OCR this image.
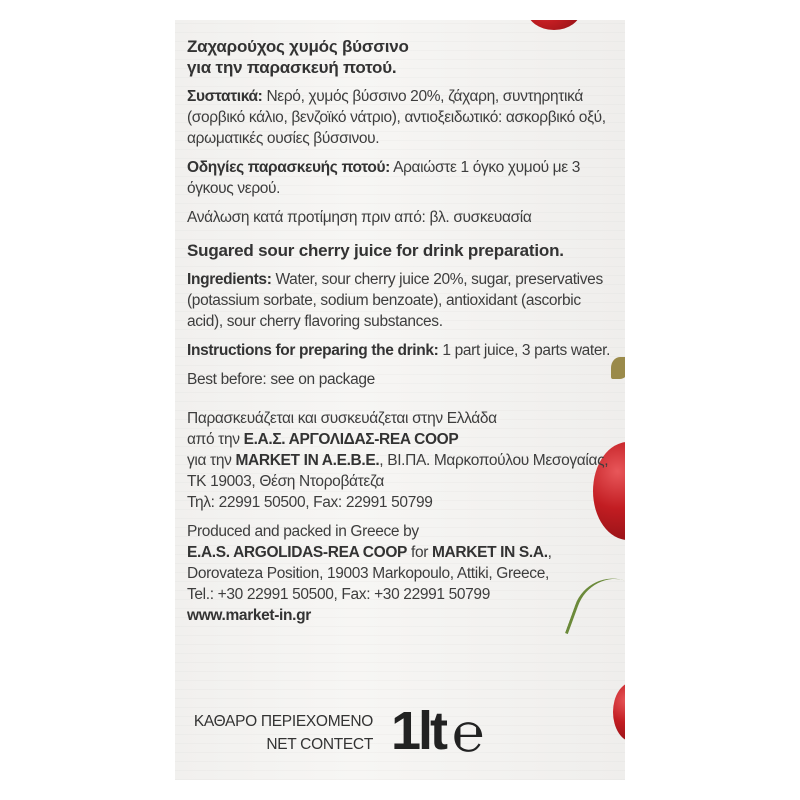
Ζαχαρούχος χυμός βύσσινο
για την παρασκευή ποτού.
Συστατικά: Νερό, χυμός βύσσινο 20%, ζάχαρη, συντηρητικά (σορβικό κάλιο, βενζοϊκό νάτριο), αντιοξειδωτικό: ασκορβικό οξύ, αρωματικές ουσίες βύσσινου.
Οδηγίες παρασκευής ποτού: Αραιώστε 1 όγκο χυμού με 3 όγκους νερού.
Ανάλωση κατά προτίμηση πριν από: βλ. συσκευασία
Sugared sour cherry juice for drink preparation.
Ingredients: Water, sour cherry juice 20%, sugar, preservatives (potassium sorbate, sodium benzoate), antioxidant (ascorbic acid), sour cherry flavoring substances.
Instructions for preparing the drink: 1 part juice, 3 parts water.
Best before: see on package
Παρασκευάζεται και συσκευάζεται στην Ελλάδα
από την Ε.Α.Σ. ΑΡΓΟΛΙΔΑΣ-REA COOP
για την MARKET IN A.E.B.E., ΒΙ.ΠΑ. Μαρκοπούλου Μεσογαίας, ΤΚ 19003, Θέση Ντοροβάτεζα
Τηλ: 22991 50500, Fax: 22991 50799
Produced and packed in Greece by
E.A.S. ARGOLIDAS-REA COOP for MARKET IN S.A., Dorovateza Position, 19003 Markopoulo, Attiki, Greece,
Tel.: +30 22991 50500, Fax: +30 22991 50799
www.market-in.gr
ΚΑΘΑΡΟ ΠΕΡΙΕΧΟΜΕΝΟ
NET CONTECT 1lt ℮
